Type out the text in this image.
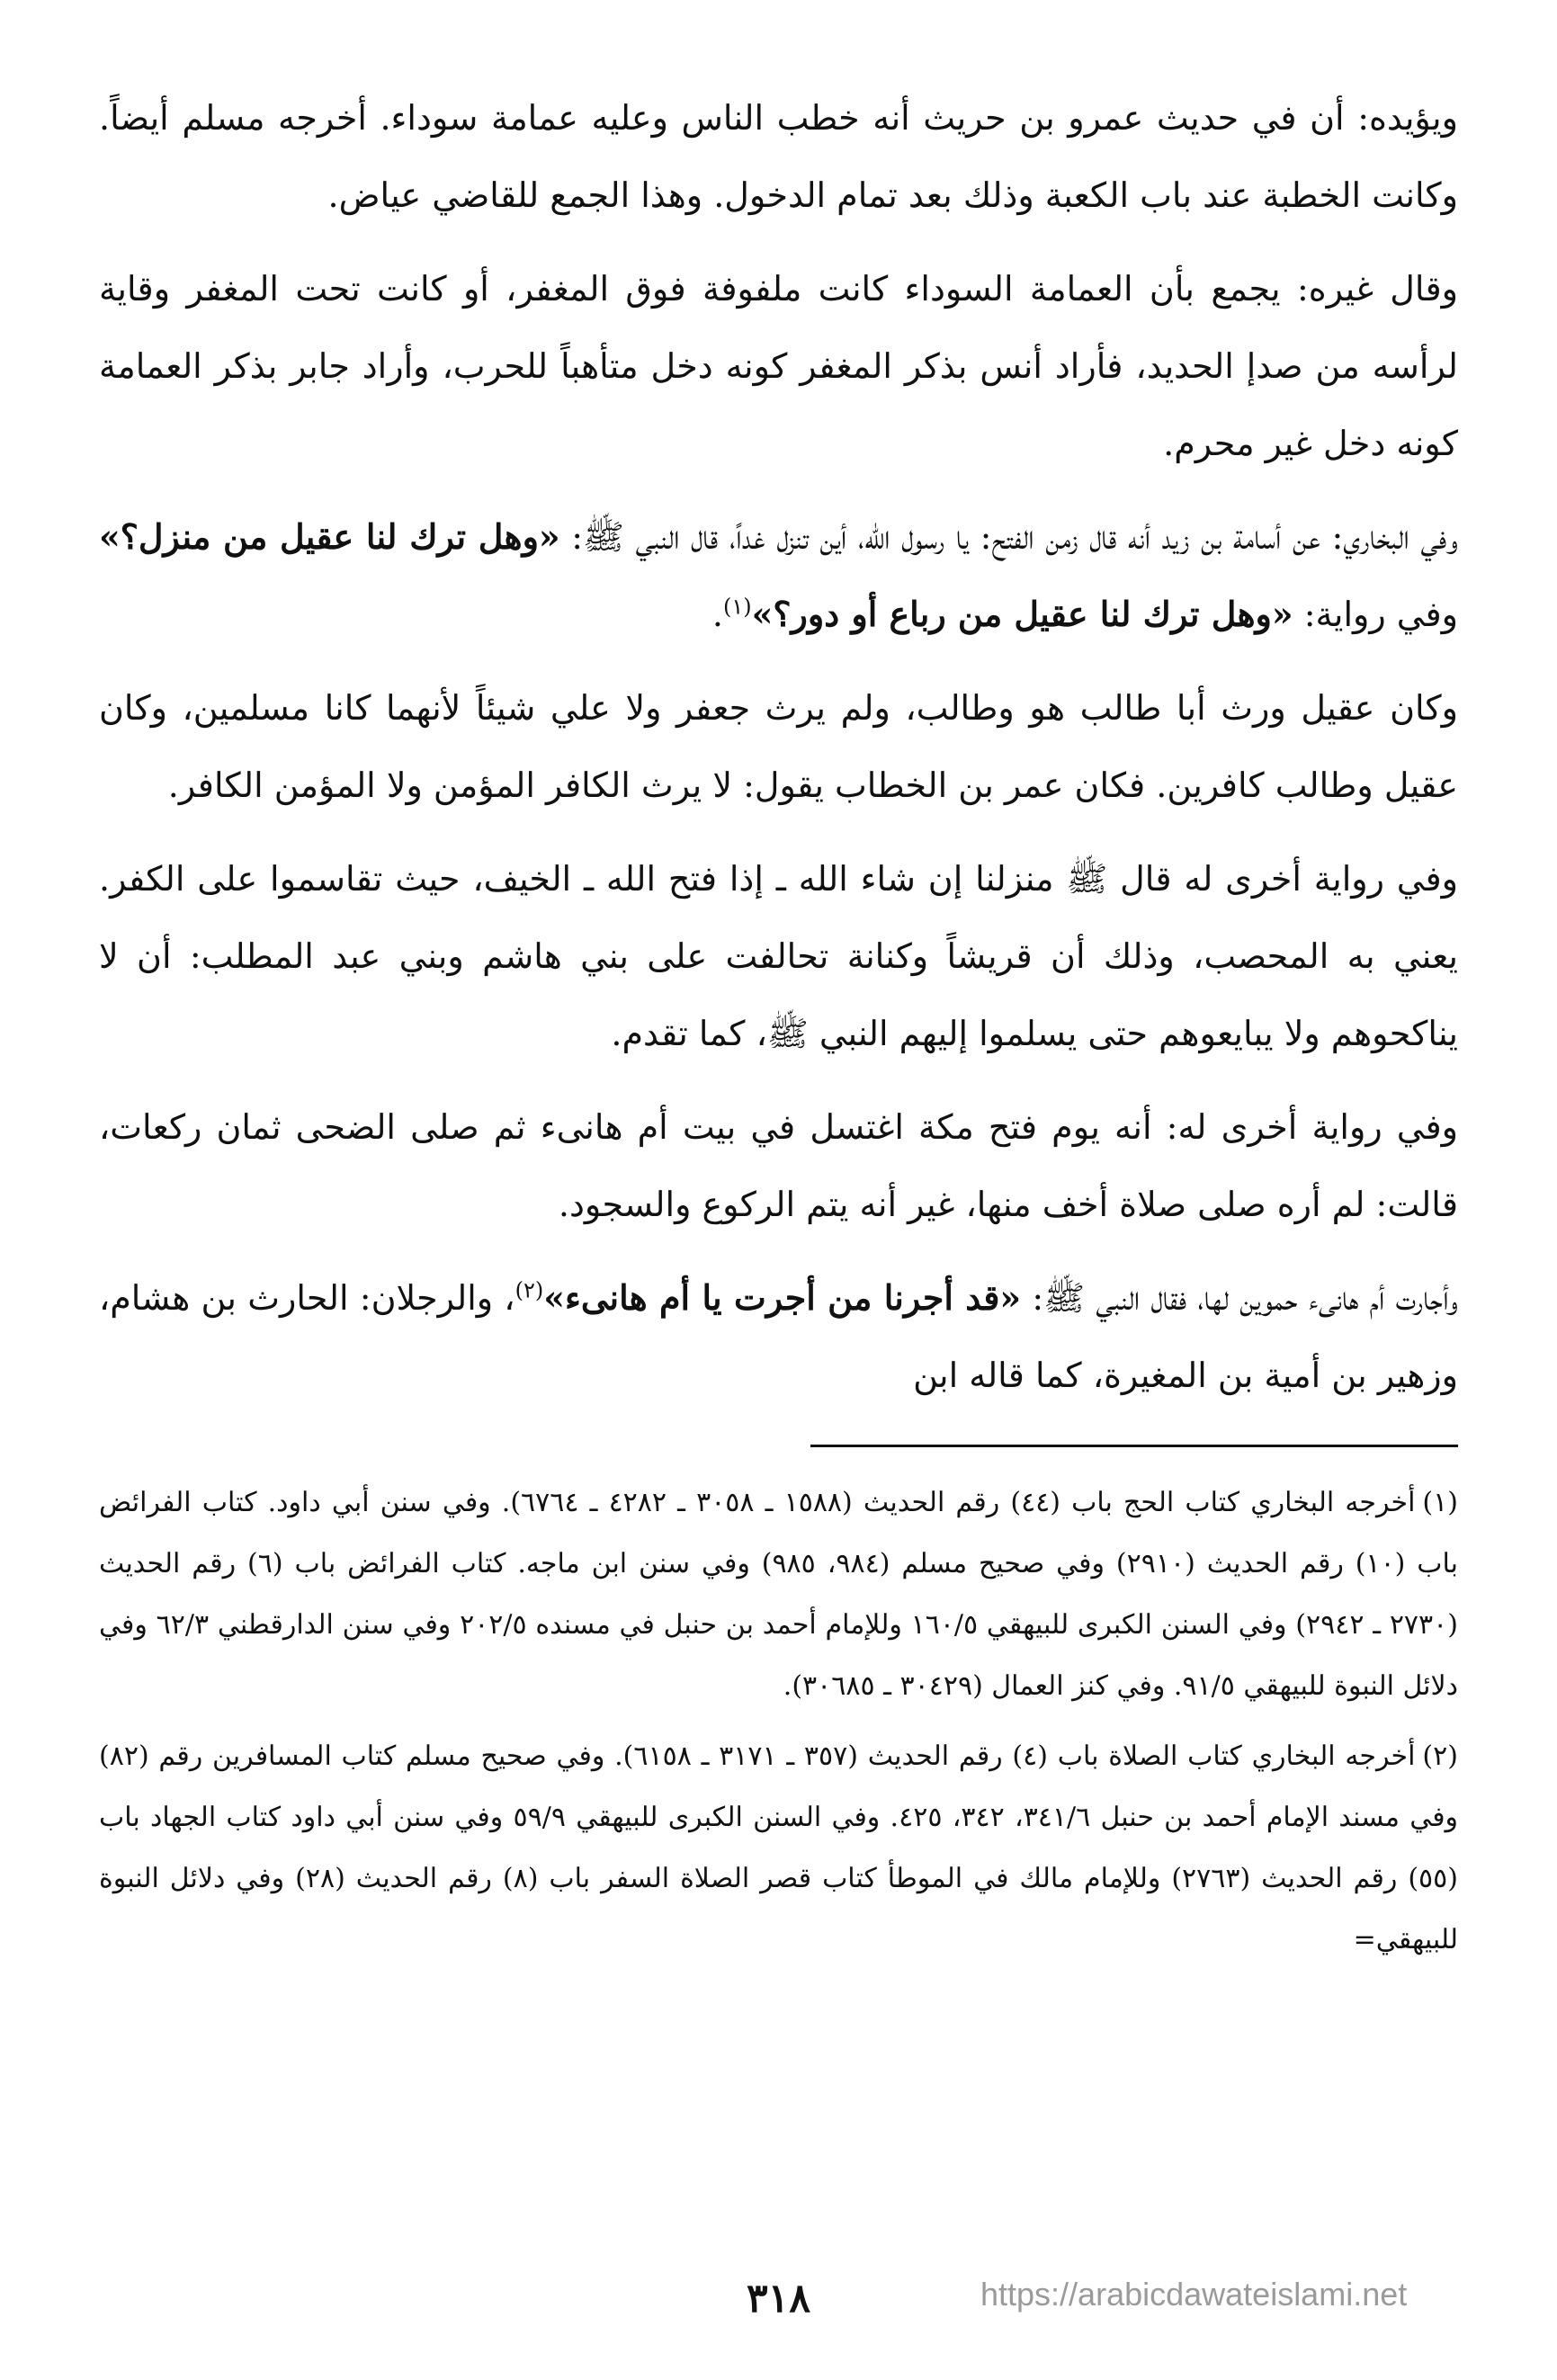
ويؤيده: أن في حديث عمرو بن حريث أنه خطب الناس وعليه عمامة سوداء. أخرجه مسلم أيضاً. وكانت الخطبة عند باب الكعبة وذلك بعد تمام الدخول. وهذا الجمع للقاضي عياض.

وقال غيره: يجمع بأن العمامة السوداء كانت ملفوفة فوق المغفر، أو كانت تحت المغفر وقاية لرأسه من صدإ الحديد، فأراد أنس بذكر المغفر كونه دخل متأهباً للحرب، وأراد جابر بذكر العمامة كونه دخل غير محرم.

وفي البخاري: عن أسامة بن زيد أنه قال زمن الفتح: يا رسول الله، أين تنزل غداً، قال النبي ﷺ: «وهل ترك لنا عقيل من منزل؟» وفي رواية: «وهل ترك لنا عقيل من رباع أو دور؟»$^{(١)}$.

وكان عقيل ورث أبا طالب هو وطالب، ولم يرث جعفر ولا علي شيئاً لأنهما كانا مسلمين، وكان عقيل وطالب كافرين. فكان عمر بن الخطاب يقول: لا يرث الكافر المؤمن ولا المؤمن الكافر.

وفي رواية أخرى له قال ﷺ منزلنا إن شاء الله ـ إذا فتح الله ـ الخيف، حيث تقاسموا على الكفر. يعني به المحصب، وذلك أن قريشاً وكنانة تحالفت على بني هاشم وبني عبد المطلب: أن لا يناكحوهم ولا يبايعوهم حتى يسلموا إليهم النبي ﷺ، كما تقدم.

وفي رواية أخرى له: أنه يوم فتح مكة اغتسل في بيت أم هانىء ثم صلى الضحى ثمان ركعات، قالت: لم أره صلى صلاة أخف منها، غير أنه يتم الركوع والسجود.

وأجارت أم هانىء حموين لها، فقال النبي ﷺ: «قد أجرنا من أجرت يا أم هانىء»$^{(٢)}$، والرجلان: الحارث بن هشام، وزهير بن أمية بن المغيرة، كما قاله ابن

(١)أخرجه البخاري كتاب الحج باب (٤٤) رقم الحديث (١٥٨٨ ـ ٣٠٥٨ ـ ٤٢٨٢ ـ ٦٧٦٤). وفي سنن أبي داود. كتاب الفرائض باب (١٠) رقم الحديث (٢٩١٠) وفي صحيح مسلم (٩٨٤، ٩٨٥) وفي سنن ابن ماجه. كتاب الفرائض باب (٦) رقم الحديث (٢٧٣٠ ـ ٢٩٤٢) وفي السنن الكبرى للبيهقي ١٦٠/٥ وللإمام أحمد بن حنبل في مسنده ٢٠٢/٥ وفي سنن الدارقطني ٦٢/٣ وفي دلائل النبوة للبيهقي ٩١/٥. وفي كنز العمال (٣٠٤٢٩ ـ ٣٠٦٨٥).

(٢)أخرجه البخاري كتاب الصلاة باب (٤) رقم الحديث (٣٥٧ ـ ٣١٧١ ـ ٦١٥٨). وفي صحيح مسلم كتاب المسافرين رقم (٨٢) وفي مسند الإمام أحمد بن حنبل ٣٤١/٦، ٣٤٢، ٤٢٥. وفي السنن الكبرى للبيهقي ٥٩/٩ وفي سنن أبي داود كتاب الجهاد باب (٥٥) رقم الحديث (٢٧٦٣) وللإمام مالك في الموطأ كتاب قصر الصلاة السفر باب (٨) رقم الحديث (٢٨) وفي دلائل النبوة للبيهقي=

٣١٨	https://arabicdawateislami.net
